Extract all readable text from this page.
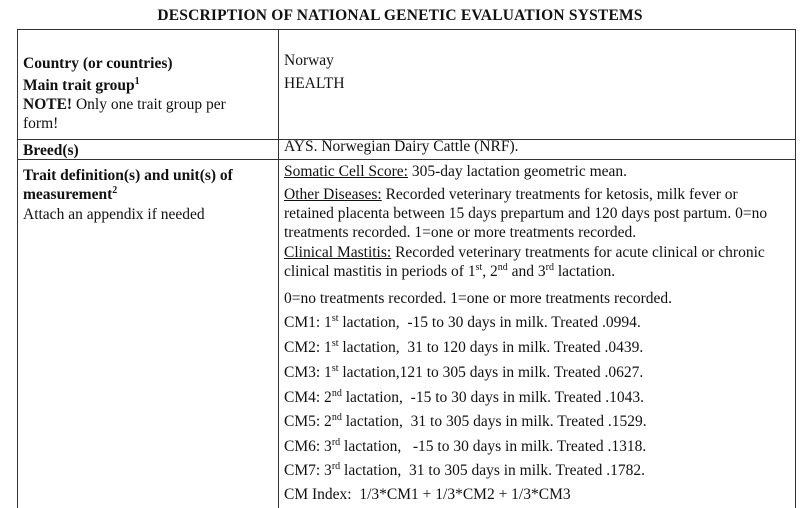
DESCRIPTION OF NATIONAL GENETIC EVALUATION SYSTEMS
Country (or countries)	Norway
Main trait group$^1$	HEALTH
NOTE! Only one trait group per form!
Breed(s)	AYS. Norwegian Dairy Cattle (NRF).
Trait definition(s) and unit(s) of measurement$^2$
Attach an appendix if needed
Somatic Cell Score: 305-day lactation geometric mean.
Other Diseases: Recorded veterinary treatments for ketosis, milk fever or retained placenta between 15 days prepartum and 120 days post partum. 0=no treatments recorded. 1=one or more treatments recorded.
Clinical Mastitis: Recorded veterinary treatments for acute clinical or chronic clinical mastitis in periods of 1st, 2nd and 3rd lactation.
0=no treatments recorded. 1=one or more treatments recorded.
CM1: 1st lactation,  -15 to 30 days in milk. Treated .0994.
CM2: 1st lactation,  31 to 120 days in milk. Treated .0439.
CM3: 1st lactation,121 to 305 days in milk. Treated .0627.
CM4: 2nd lactation,  -15 to 30 days in milk. Treated .1043.
CM5: 2nd lactation,  31 to 305 days in milk. Treated .1529.
CM6: 3rd lactation,   -15 to 30 days in milk. Treated .1318.
CM7: 3rd lactation,  31 to 305 days in milk. Treated .1782.
CM Index:  1/3*CM1 + 1/3*CM2 + 1/3*CM3
